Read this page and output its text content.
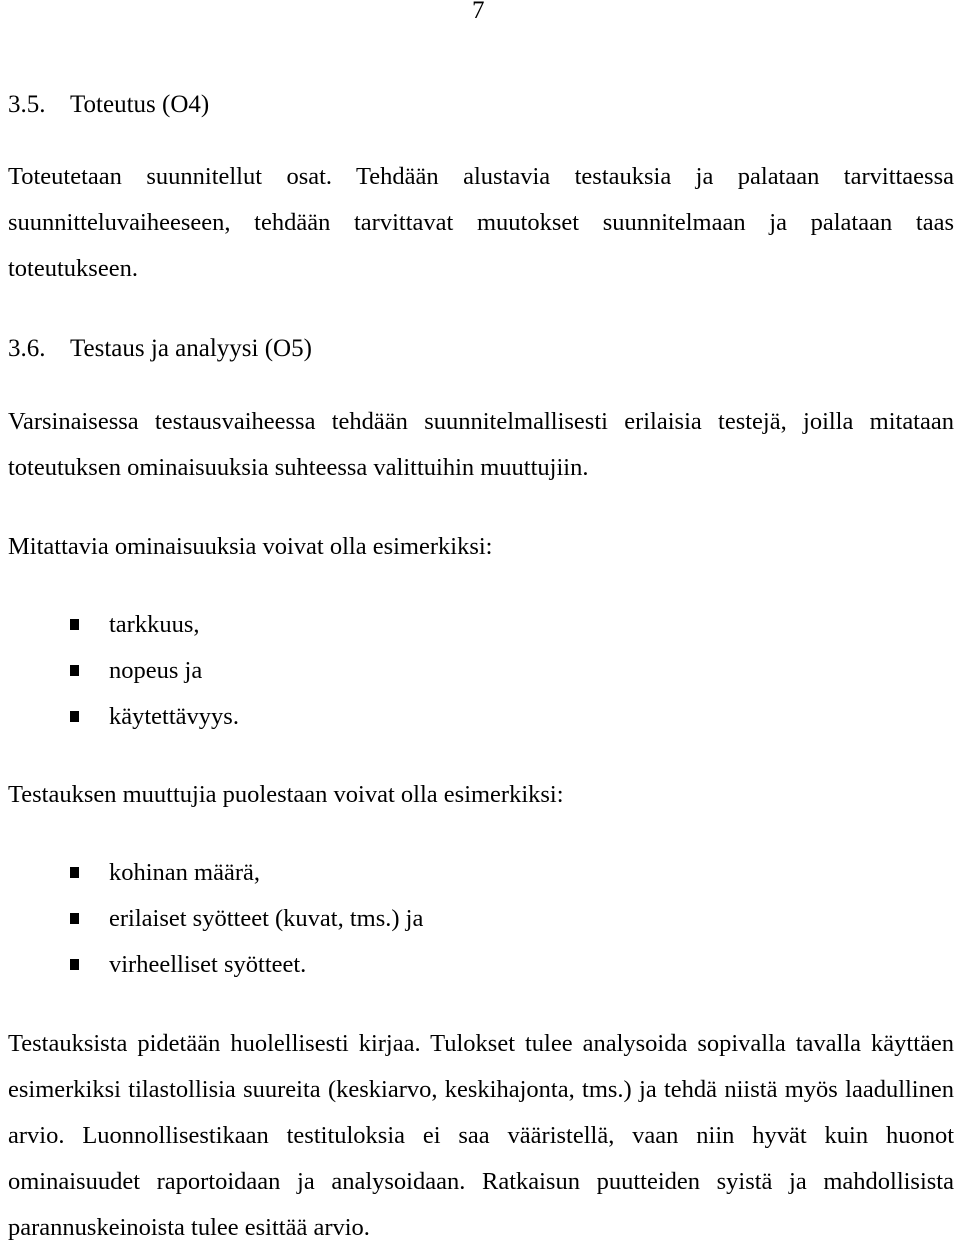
7
3.5. Toteutus (O4)

Toteutetaan suunnitellut osat. Tehdään alustavia testauksia ja palataan tarvittaessa suunnitteluvaiheeseen, tehdään tarvittavat muutokset suunnitelmaan ja palataan taas toteutukseen.

3.6. Testaus ja analyysi (O5)

Varsinaisessa testausvaiheessa tehdään suunnitelmallisesti erilaisia testejä, joilla mitataan toteutuksen ominaisuuksia suhteessa valittuihin muuttujiin.

Mitattavia ominaisuuksia voivat olla esimerkiksi:

tarkkuus,
nopeus ja
käytettävyys.

Testauksen muuttujia puolestaan voivat olla esimerkiksi:

kohinan määrä,
erilaiset syötteet (kuvat, tms.) ja
virheelliset syötteet.

Testauksista pidetään huolellisesti kirjaa. Tulokset tulee analysoida sopivalla tavalla käyttäen esimerkiksi tilastollisia suureita (keskiarvo, keskihajonta, tms.) ja tehdä niistä myös laadullinen arvio. Luonnollisestikaan testituloksia ei saa vääristellä, vaan niin hyvät kuin huonot ominaisuudet raportoidaan ja analysoidaan. Ratkaisun puutteiden syistä ja mahdollisista parannuskeinoista tulee esittää arvio.
